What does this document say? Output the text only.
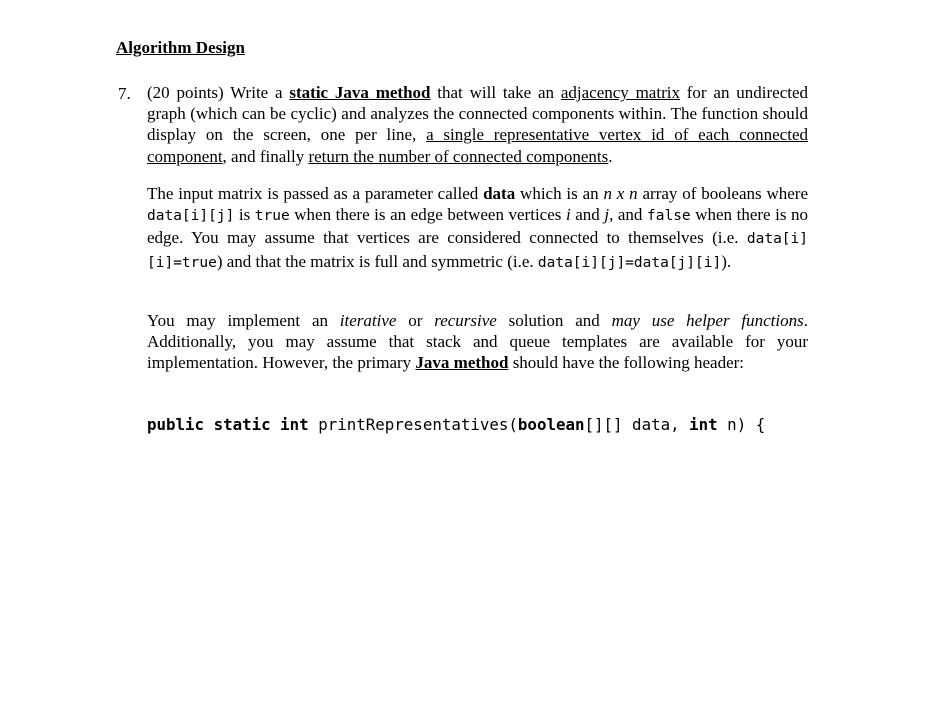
Algorithm Design
7. (20 points) Write a static Java method that will take an adjacency matrix for an undirected graph (which can be cyclic) and analyzes the connected components within. The function should display on the screen, one per line, a single representative vertex id of each connected component, and finally return the number of connected components.

The input matrix is passed as a parameter called data which is an n x n array of booleans where data[i][j] is true when there is an edge between vertices i and j, and false when there is no edge. You may assume that vertices are considered connected to themselves (i.e. data[i][i]=true) and that the matrix is full and symmetric (i.e. data[i][j]=data[j][i]).

You may implement an iterative or recursive solution and may use helper functions. Additionally, you may assume that stack and queue templates are available for your implementation. However, the primary Java method should have the following header:

public static int printRepresentatives(boolean[][] data, int n) {
